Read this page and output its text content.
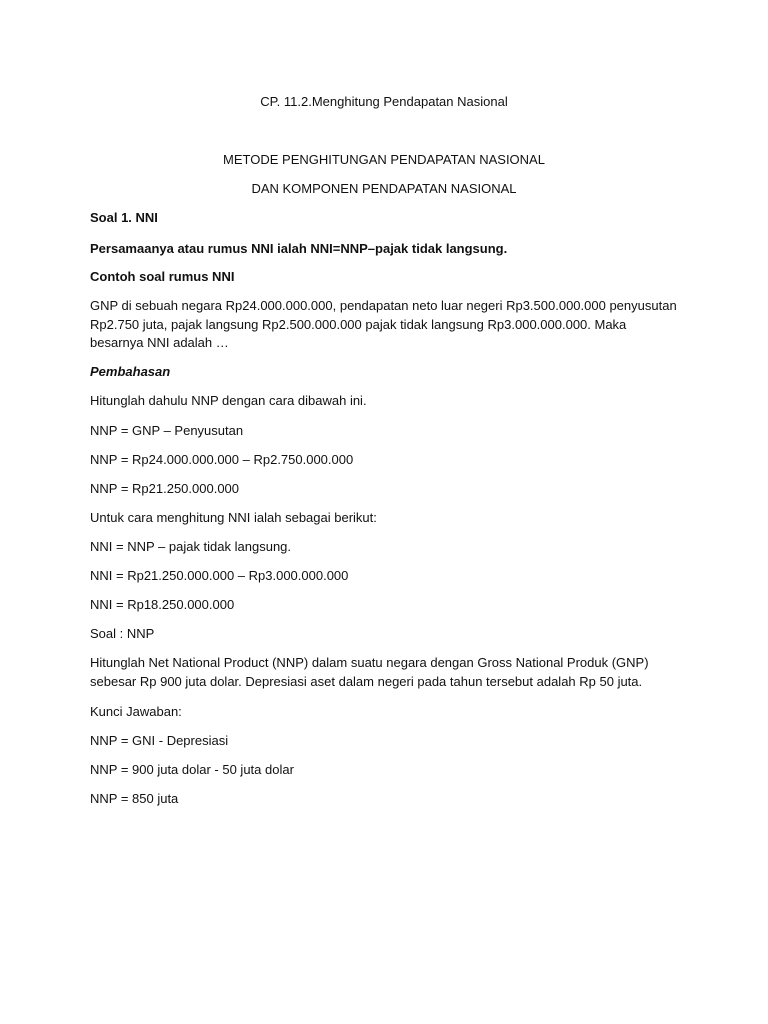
CP. 11.2.Menghitung Pendapatan Nasional
METODE PENGHITUNGAN PENDAPATAN NASIONAL
DAN KOMPONEN PENDAPATAN NASIONAL
Soal 1. NNI
Persamaanya atau rumus NNI ialah NNI=NNP–pajak tidak langsung.
Contoh soal rumus NNI
GNP di sebuah negara Rp24.000.000.000, pendapatan neto luar negeri Rp3.500.000.000 penyusutan Rp2.750 juta, pajak langsung Rp2.500.000.000 pajak tidak langsung Rp3.000.000.000. Maka besarnya NNI adalah …
Pembahasan
Hitunglah dahulu NNP dengan cara dibawah ini.
NNP = GNP – Penyusutan
NNP = Rp24.000.000.000 – Rp2.750.000.000
NNP = Rp21.250.000.000
Untuk cara menghitung NNI ialah sebagai berikut:
NNI = NNP – pajak tidak langsung.
NNI = Rp21.250.000.000 – Rp3.000.000.000
NNI = Rp18.250.000.000
Soal : NNP
Hitunglah Net National Product (NNP) dalam suatu negara dengan Gross National Produk (GNP) sebesar Rp 900 juta dolar. Depresiasi aset dalam negeri pada tahun tersebut adalah Rp 50 juta.
Kunci Jawaban:
NNP = GNI - Depresiasi
NNP = 900 juta dolar - 50 juta dolar
NNP = 850 juta
